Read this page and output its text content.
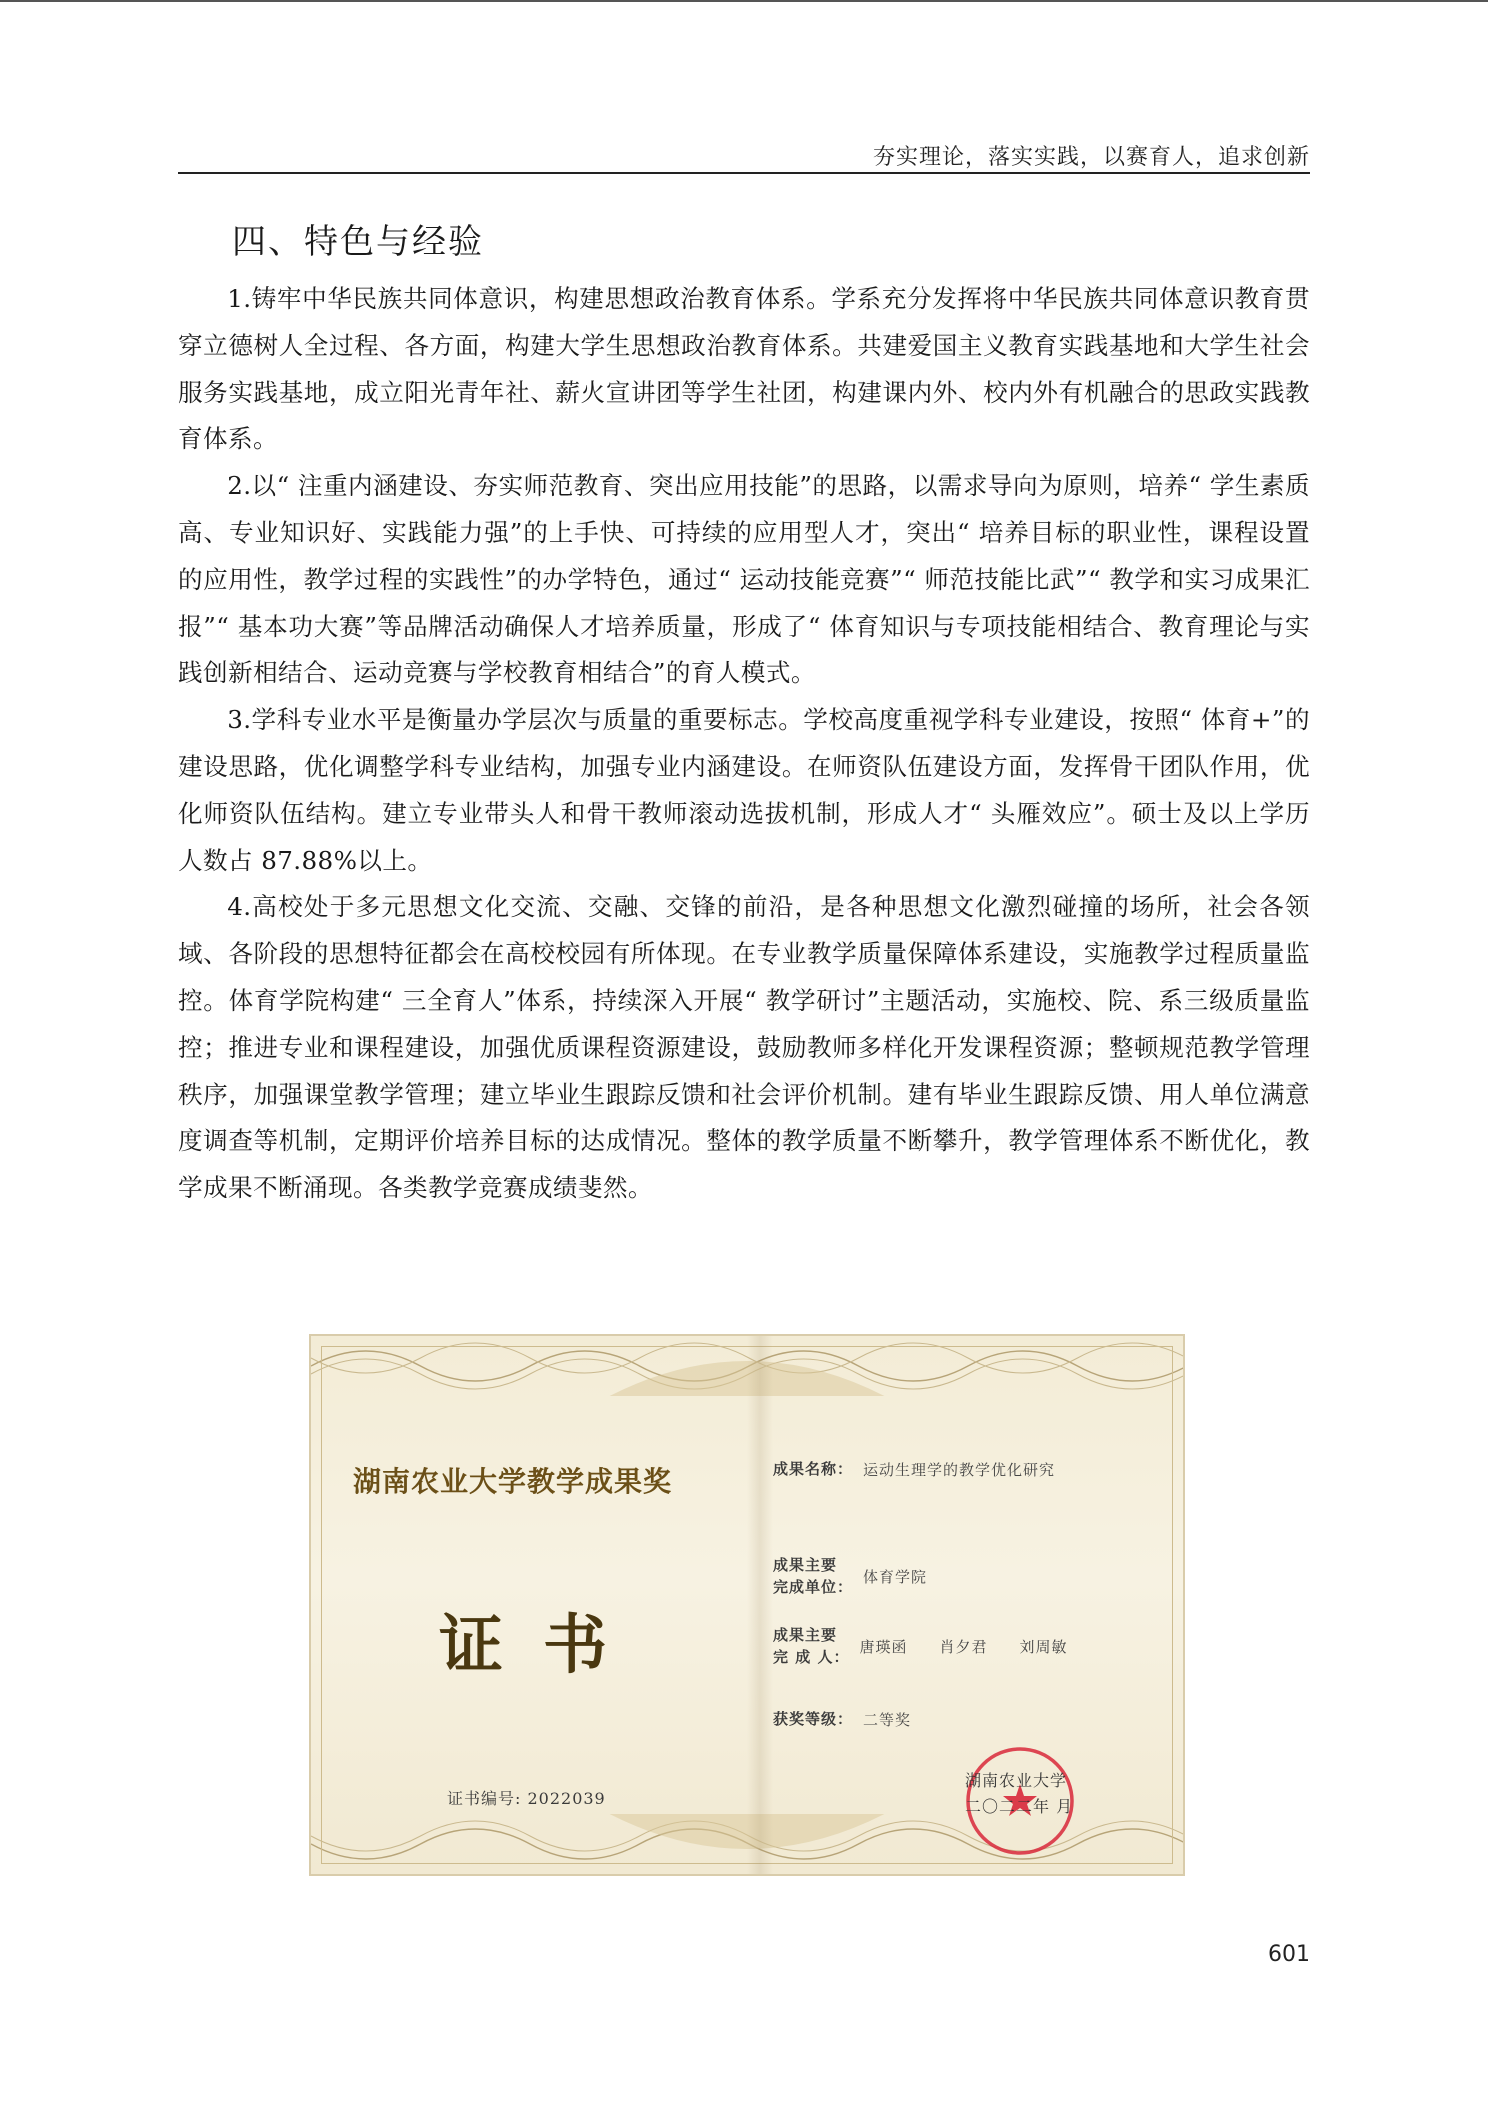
夯实理论，落实实践，以赛育人，追求创新
四、特色与经验

1.铸牢中华民族共同体意识，构建思想政治教育体系。学系充分发挥将中华民族共同体意识教育贯穿立德树人全过程、各方面，构建大学生思想政治教育体系。共建爱国主义教育实践基地和大学生社会服务实践基地，成立阳光青年社、薪火宣讲团等学生社团，构建课内外、校内外有机融合的思政实践教育体系。

2.以“ 注重内涵建设、夯实师范教育、突出应用技能”的思路，以需求导向为原则，培养“ 学生素质高、专业知识好、实践能力强”的上手快、可持续的应用型人才，突出“ 培养目标的职业性，课程设置的应用性，教学过程的实践性”的办学特色，通过“ 运动技能竞赛”“ 师范技能比武”“ 教学和实习成果汇报”“ 基本功大赛”等品牌活动确保人才培养质量，形成了“ 体育知识与专项技能相结合、教育理论与实践创新相结合、运动竞赛与学校教育相结合”的育人模式。

3.学科专业水平是衡量办学层次与质量的重要标志。学校高度重视学科专业建设，按照“ 体育+”的建设思路，优化调整学科专业结构，加强专业内涵建设。在师资队伍建设方面，发挥骨干团队作用，优化师资队伍结构。建立专业带头人和骨干教师滚动选拔机制，形成人才“ 头雁效应”。硕士及以上学历人数占 87.88%以上。

4.高校处于多元思想文化交流、交融、交锋的前沿，是各种思想文化激烈碰撞的场所，社会各领域、各阶段的思想特征都会在高校校园有所体现。在专业教学质量保障体系建设，实施教学过程质量监控。体育学院构建“ 三全育人”体系，持续深入开展“ 教学研讨”主题活动，实施校、院、系三级质量监控；推进专业和课程建设，加强优质课程资源建设，鼓励教师多样化开发课程资源；整顿规范教学管理秩序，加强课堂教学管理；建立毕业生跟踪反馈和社会评价机制。建有毕业生跟踪反馈、用人单位满意度调查等机制，定期评价培养目标的达成情况。整体的教学质量不断攀升，教学管理体系不断优化，教学成果不断涌现。各类教学竞赛成绩斐然。

湖南农业大学教学成果奖
证书
证书编号: 2022039
成果名称： 运动生理学的教学优化研究
成果主要
完成单位：体育学院
成果主要
完 成 人：唐瑛函 肖夕君 刘周敏
获奖等级： 二等奖
湖南农业大学
二〇二二年 月
601
